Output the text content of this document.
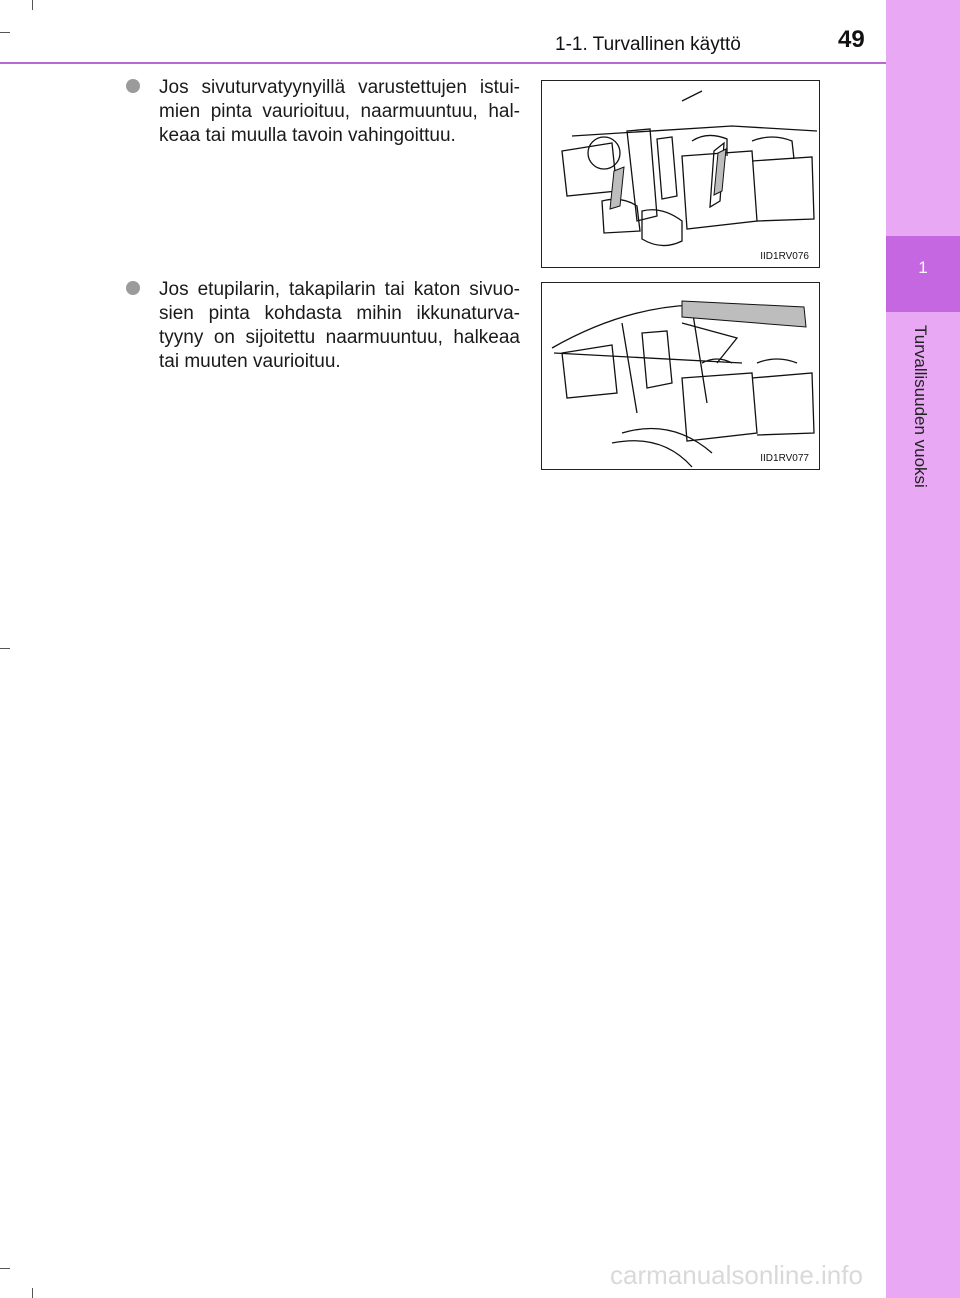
1
Turvallisuuden vuoksi
49
1-1. Turvallinen käyttö
Jos sivuturvatyynyillä varustettujen istui-mien pinta vaurioituu, naarmuuntuu, hal-keaa tai muulla tavoin vahingoittuu.
IID1RV076
Jos etupilarin, takapilarin tai katon sivuo-sien pinta kohdasta mihin ikkunaturva-tyyny on sijoitettu naarmuuntuu, halkeaa tai muuten vaurioituu.
IID1RV077
carmanualsonline.info
